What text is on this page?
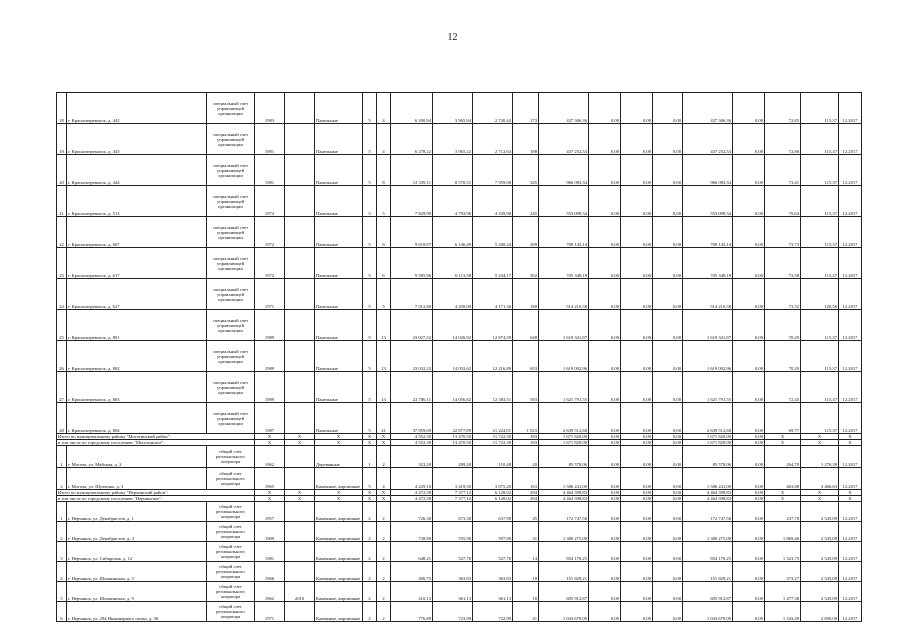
12
18	г. Красноперекопск, д. 442	специальный счет управляющей организации	1983		Панельные	5	4	6 290,94	3 965,94	2 720,42	173	437 366,36	0,00	0,00	0,00	437 366,36	0,00	72,85	115,37	12.2017
19	г. Красноперекопск, д. 443	специальный счет управляющей организации	1981		Панельные	5	4	6 278,22	3 965,22	2 712,64	188	437 252,54	0,00	0,00	0,00	437 252,54	0,00	72,86	115,37	12.2017
20	г. Красноперекопск, д. 444	специальный счет управляющей организации	1981		Панельные	5	8	12 339,11	8 570,51	7 959,08	345	966 083,34	0,00	0,00	0,00	966 083,34	0,00	73,41	115,37	12.2017
21	г. Красноперекопск, д. 513	специальный счет управляющей организации	1974		Панельные	5	5	7 829,99	4 793,96	4 339,90	245	553 098,34	0,00	0,00	0,00	553 098,34	0,00	70,64	115,37	12.2017
22	г. Красноперекопск, д. 607	специальный счет управляющей организации	1972		Панельные	5	6	9 618,87	6 146,49	5 268,24	309	709 143,14	0,00	0,00	0,00	709 143,14	0,00	73,73	115,37	12.2017
23	г. Красноперекопск, д. 617	специальный счет управляющей организации	1972		Панельные	5	6	9 585,96	6 113,58	5 234,17	302	705 348,18	0,00	0,00	0,00	705 348,18	0,00	73,58	115,37	12.2017
24	г. Красноперекопск, д. 627	специальный счет управляющей организации	1971		Панельные	5	5	7 012,80	4 458,00	4 171,36	180	514 210,38	0,00	0,00	0,00	514 210,38	0,00	73,32	120,56	12.2017
25	г. Красноперекопск, д. 801	специальный счет управляющей организации	1989		Панельные	5	13	23 027,52	14 026,92	12 874,39	648	1 618 341,87	0,00	0,00	0,00	1 618 341,87	0,00	70,29	115,37	12.2017
26	г. Красноперекопск, д. 802	специальный счет управляющей организации	1989		Панельные	5	13	23 032,22	14 032,62	12 216,89	653	1 619 002,96	0,00	0,00	0,00	1 619 002,96	0,00	70,29	115,37	12.2017
27	г. Красноперекопск, д. 803	специальный счет управляющей организации	1989		Панельные	5	13	22 786,11	14 056,82	12 383,51	583	1 621 791,55	0,00	0,00	0,00	1 621 791,55	0,00	72,45	115,37	12.2017
28	г. Красноперекопск, д. 804	специальный счет управляющей организации	1987		Панельные	5	21	37 859,69	22 877,89	21 224,01	1 023	2 639 512,68	0,00	0,00	0,00	2 639 512,68	0,00	69,77	115,37	12.2017
Итого по муниципальному району "Моготинский район":			X	X	X	X	X	4 552,30	13 470,50	11 722,30	183	1 671 820,00	0,00	0,00	0,00	1 671 820,00	0,00	X	X	X
в том числе по городскому поселению "Моготинское":			X	X	X	X	X	4 552,30	13 470,50	11 722,30	183	1 671 820,00	0,00	0,00	0,00	1 671 820,00	0,00	X	X	X
1	г. Могоча, ул. Майская, д. 2	общий счет регионального оператора	1962		Деревянные	1	2	323,20	299,20	110,48	20	85 578,06	0,00	0,00	0,00	85 578,06	0,00	264,70	1 276,39	12.2017
2	г. Могоча, ул. Шулешко, д. 3	общий счет регионального оператора	1965		Каменные, кирпичные	5	4	4 229,10	3 419,50	3 075,20	163	1 586 241,00	0,00	0,00	0,00	1 586 241,00	0,00	463,88	3 466,63	12.2017
Итого по муниципальному району "Нерчинский район":			X	X	X	X	X	4 472,58	7 377,12	6 128,02	294	4 464 398,83	0,00	0,00	0,00	4 464 398,83	0,00	X	X	X
в том числе по городскому поселению "Нерчинское":			X	X	X	X	X	4 472,58	7 377,12	6 128,02	294	4 464 398,83	0,00	0,00	0,00	4 464 398,83	0,00	X	X	X
1	г. Нерчинск, ул. Декабристов, д. 1	общий счет регионального оператора	1957		Каменные, кирпичные	2	2	726,30	673,30	637,90	45	172 747,56	0,00	0,00	0,00	172 747,56	0,00	237,78	2 545,09	12.2017
2	г. Нерчинск, ул. Декабристов, д. 3	общий счет регионального оператора	1909		Каменные, кирпичные	2	2	738,80	705,90	597,90	31	1 380 275,00	0,00	0,00	0,00	1 380 275,00	0,00	1 869,46	2 545,09	12.2017
3	г. Нерчинск, ул. Сибирская, д. 12	общий счет регионального оператора	1981		Каменные, кирпичные	2	2	648,21	527,76	527,76	14	854 176,25	0,00	0,00	0,00	854 176,25	0,00	1 323,75	2 545,09	12.2017
4	г. Нерчинск, ул. Шилкинская, д. 3	общий счет регионального оператора	1966		Каменные, кирпичные	2	2	406,75	363,83	363,83	18	151 829,21	0,00	0,00	0,00	151 829,21	0,00	373,27	2 545,09	12.2017
5	г. Нерчинск, ул. Шилкинская, д. 9	общий счет регионального оператора	1962	2010	Каменные, кирпичные	2	2	410,13	361,13	361,13	18	605 912,87	0,00	0,00	0,00	605 912,87	0,00	1 477,38	2 545,09	12.2017
6	г. Нерчинск, ул. 294 Инженерного полка, д. 36	общий счет регионального оператора	1971		Каменные, кирпичные	2	2	776,89	723,99	722,99	41	1 043 670,00	0,00	0,00	0,00	1 043 670,00	0,00	1 343,49	2 690,00	12.2017
